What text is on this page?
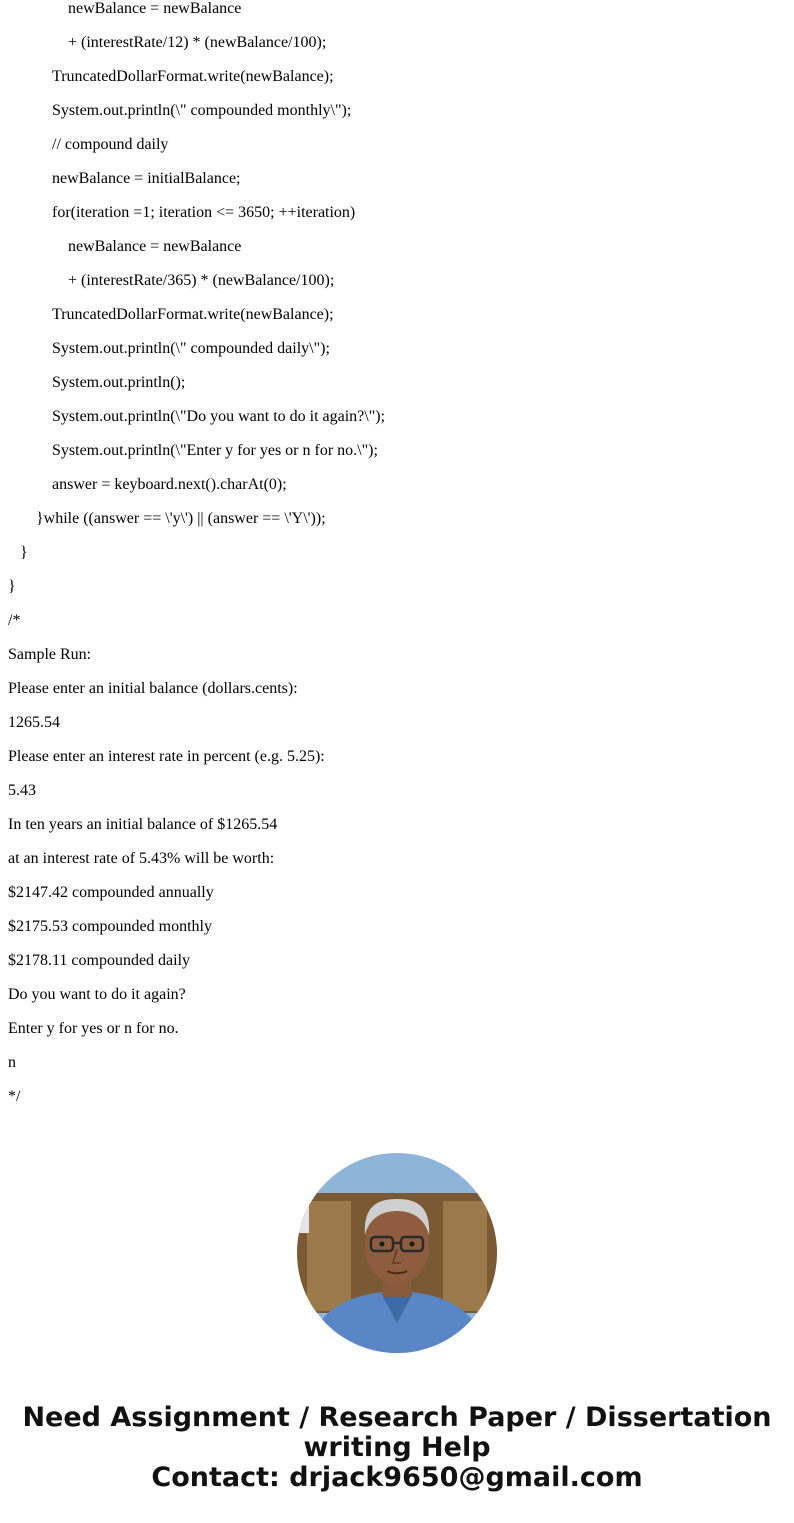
newBalance = newBalance
+ (interestRate/12) * (newBalance/100);
TruncatedDollarFormat.write(newBalance);
System.out.println(\" compounded monthly\");
// compound daily
newBalance = initialBalance;
for(iteration =1; iteration <= 3650; ++iteration)
newBalance = newBalance
+ (interestRate/365) * (newBalance/100);
TruncatedDollarFormat.write(newBalance);
System.out.println(\" compounded daily\");
System.out.println();
System.out.println(\"Do you want to do it again?\");
System.out.println(\"Enter y for yes or n for no.\");
answer = keyboard.next().charAt(0);
}while ((answer == \'y\') || (answer == \'Y\'));
}
}
/*
Sample Run:
Please enter an initial balance (dollars.cents):
1265.54
Please enter an interest rate in percent (e.g. 5.25):
5.43
In ten years an initial balance of $1265.54
at an interest rate of 5.43% will be worth:
$2147.42 compounded annually
$2175.53 compounded monthly
$2178.11 compounded daily
Do you want to do it again?
Enter y for yes or n for no.
n
*/
Need Assignment / Research Paper / Dissertation
writing Help
Contact: drjack9650@gmail.com
